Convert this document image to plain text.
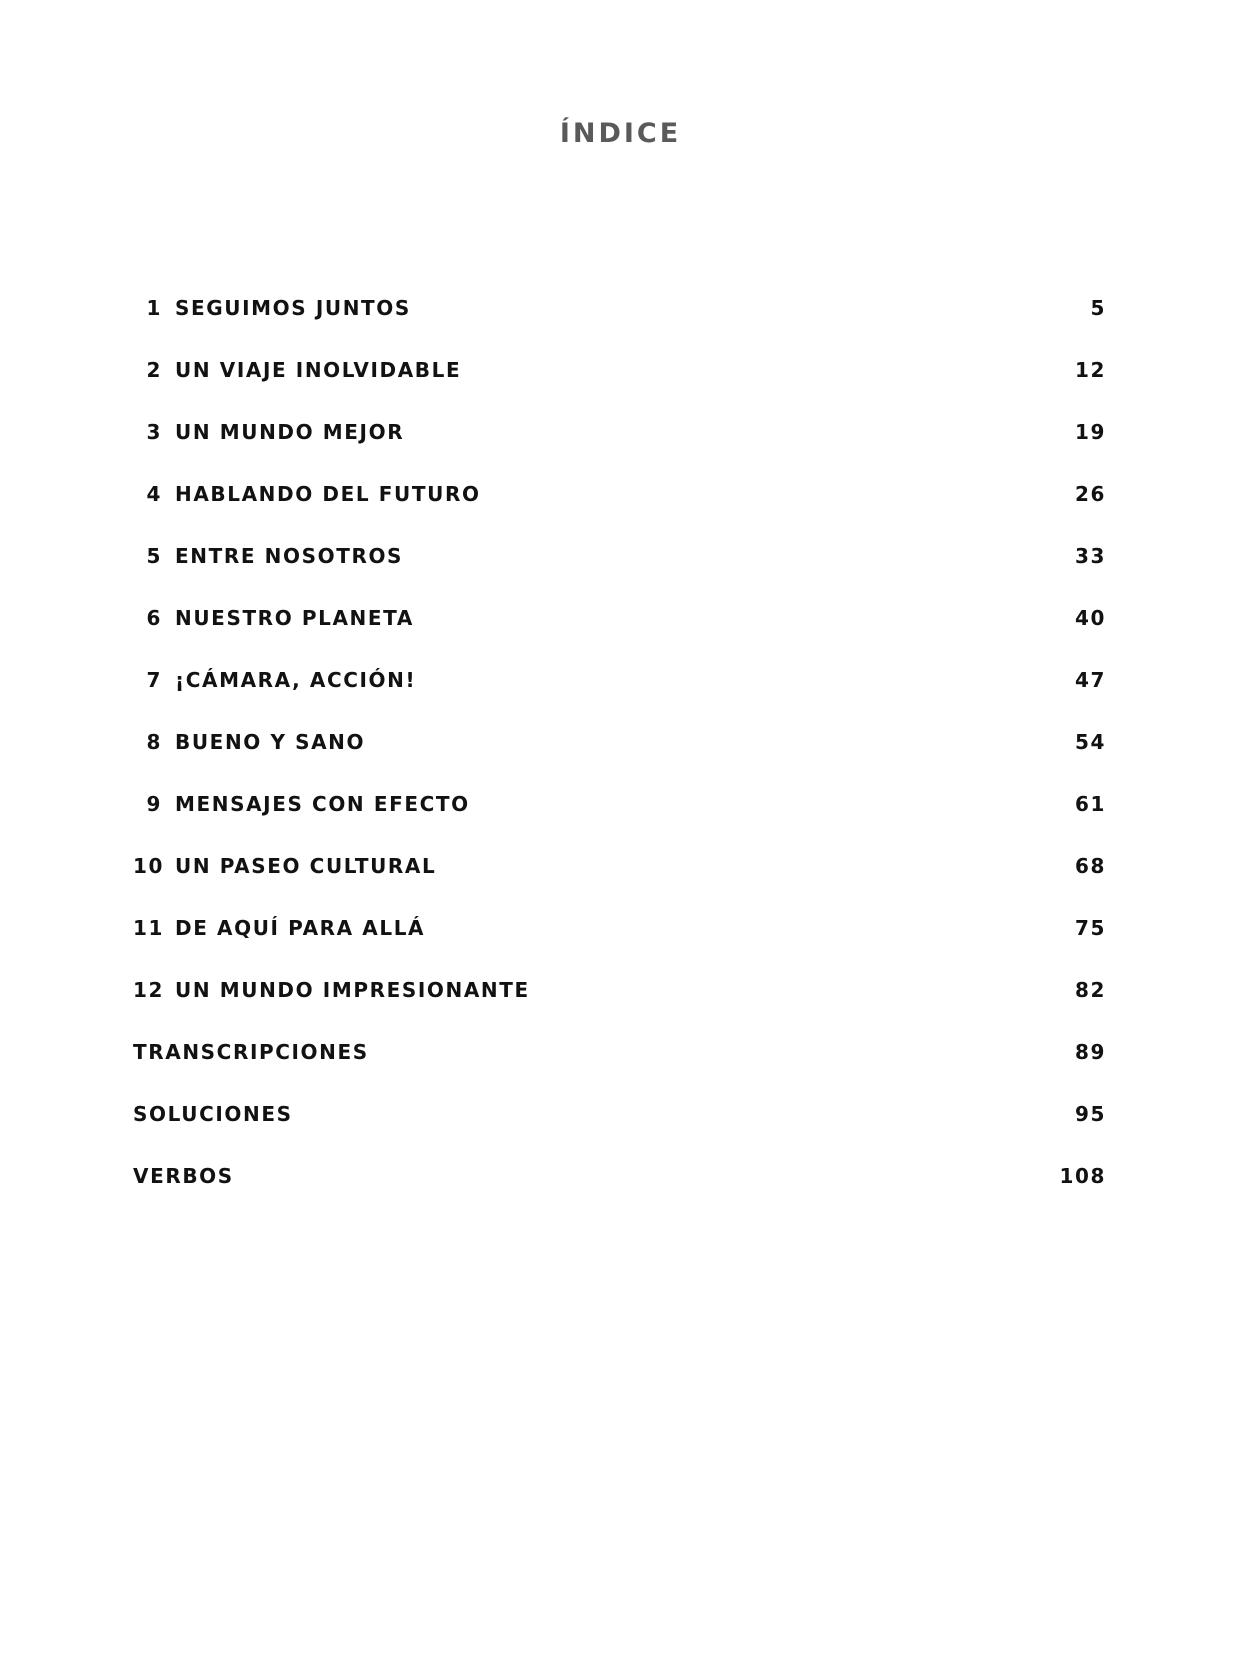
ÍNDICE
1 SEGUIMOS JUNTOS	5
2 UN VIAJE INOLVIDABLE	12
3 UN MUNDO MEJOR	19
4 HABLANDO DEL FUTURO	26
5 ENTRE NOSOTROS	33
6 NUESTRO PLANETA	40
7 ¡CÁMARA, ACCIÓN!	47
8 BUENO Y SANO	54
9 MENSAJES CON EFECTO	61
10 UN PASEO CULTURAL	68
11 DE AQUÍ PARA ALLÁ	75
12 UN MUNDO IMPRESIONANTE	82
TRANSCRIPCIONES	89
SOLUCIONES	95
VERBOS	108
